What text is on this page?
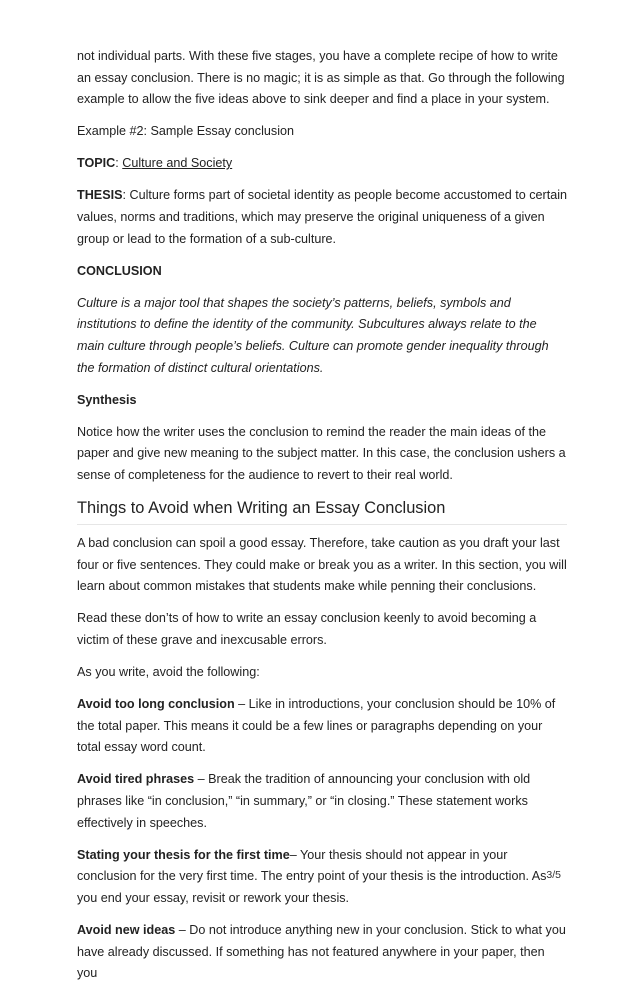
not individual parts. With these five stages, you have a complete recipe of how to write an essay conclusion. There is no magic; it is as simple as that. Go through the following example to allow the five ideas above to sink deeper and find a place in your system.

Example #2: Sample Essay conclusion

TOPIC: Culture and Society

THESIS: Culture forms part of societal identity as people become accustomed to certain values, norms and traditions, which may preserve the original uniqueness of a given group or lead to the formation of a sub-culture.

CONCLUSION

Culture is a major tool that shapes the society’s patterns, beliefs, symbols and institutions to define the identity of the community. Subcultures always relate to the main culture through people’s beliefs. Culture can promote gender inequality through the formation of distinct cultural orientations.

Synthesis

Notice how the writer uses the conclusion to remind the reader the main ideas of the paper and give new meaning to the subject matter. In this case, the conclusion ushers a sense of completeness for the audience to revert to their real world.

Things to Avoid when Writing an Essay Conclusion

A bad conclusion can spoil a good essay. Therefore, take caution as you draft your last four or five sentences. They could make or break you as a writer. In this section, you will learn about common mistakes that students make while penning their conclusions.

Read these don’ts of how to write an essay conclusion keenly to avoid becoming a victim of these grave and inexcusable errors.

As you write, avoid the following:

Avoid too long conclusion – Like in introductions, your conclusion should be 10% of the total paper. This means it could be a few lines or paragraphs depending on your total essay word count.

Avoid tired phrases – Break the tradition of announcing your conclusion with old phrases like “in conclusion,” “in summary,” or “in closing.” These statement works effectively in speeches.

Stating your thesis for the first time– Your thesis should not appear in your conclusion for the very first time. The entry point of your thesis is the introduction. As you end your essay, revisit or rework your thesis.

Avoid new ideas – Do not introduce anything new in your conclusion. Stick to what you have already discussed. If something has not featured anywhere in your paper, then you

3/5
